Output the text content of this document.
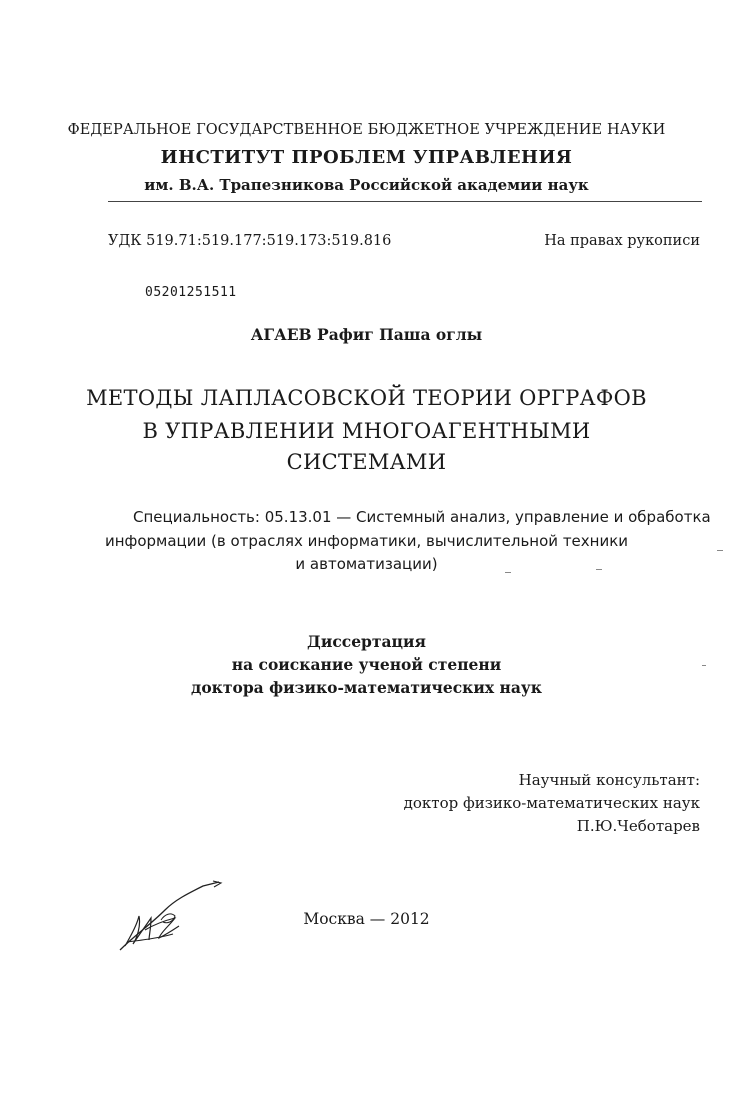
ФЕДЕРАЛЬНОЕ ГОСУДАРСТВЕННОЕ БЮДЖЕТНОЕ УЧРЕЖДЕНИЕ НАУКИ
ИНСТИТУТ ПРОБЛЕМ УПРАВЛЕНИЯ
им. В.А. Трапезникова Российской академии наук
УДК 519.71:519.177:519.173:519.816	На правах рукописи
05201251511
АГАЕВ Рафиг Паша оглы
МЕТОДЫ ЛАПЛАСОВСКОЙ ТЕОРИИ ОРГРАФОВ
В УПРАВЛЕНИИ МНОГОАГЕНТНЫМИ
СИСТЕМАМИ
Специальность: 05.13.01 — Системный анализ, управление и обработка
информации (в отраслях информатики, вычислительной техники
и автоматизации)
Диссертация
на соискание ученой степени
доктора физико-математических наук
Научный консультант:
доктор физико-математических наук
П.Ю.Чеботарев
Москва — 2012
